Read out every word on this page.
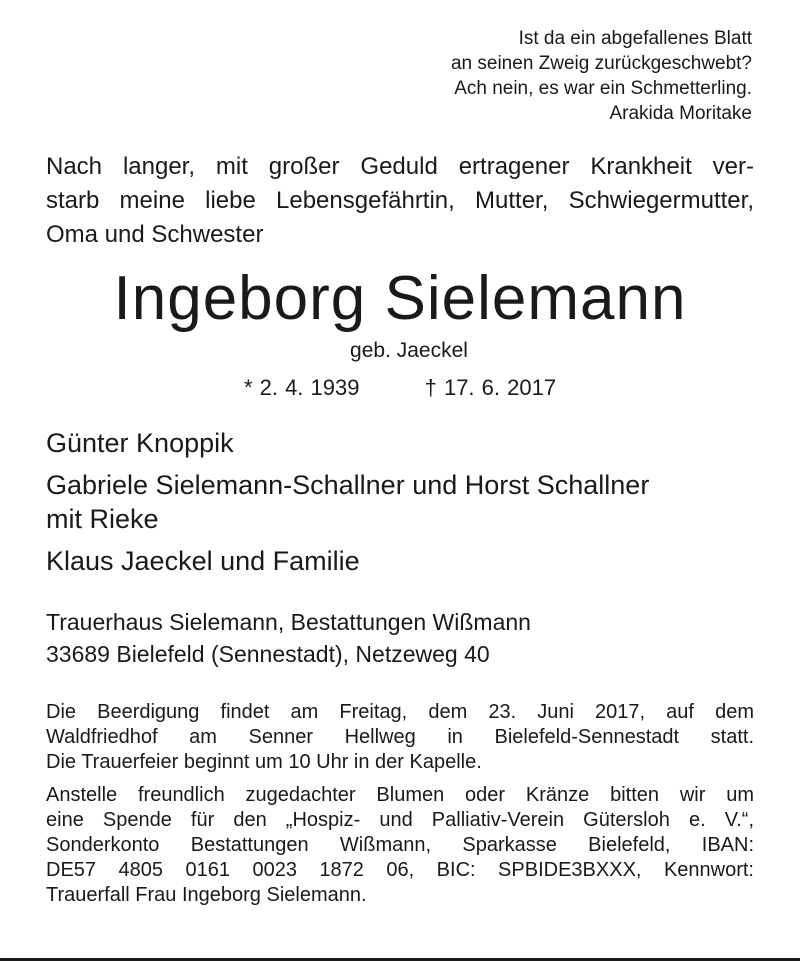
Ist da ein abgefallenes Blatt
an seinen Zweig zurückgeschwebt?
Ach nein, es war ein Schmetterling.
Arakida Moritake
Nach langer, mit großer Geduld ertragener Krankheit ver-
starb meine liebe Lebensgefährtin, Mutter, Schwiegermutter,
Oma und Schwester
Ingeborg Sielemann
geb. Jaeckel
* 2. 4. 1939	† 17. 6. 2017
Günter Knoppik
Gabriele Sielemann-Schallner und Horst Schallner
mit Rieke
Klaus Jaeckel und Familie
Trauerhaus Sielemann, Bestattungen Wißmann
33689 Bielefeld (Sennestadt), Netzeweg 40
Die Beerdigung findet am Freitag, dem 23. Juni 2017, auf dem
Waldfriedhof am Senner Hellweg in Bielefeld-Sennestadt statt.
Die Trauerfeier beginnt um 10 Uhr in der Kapelle.
Anstelle freundlich zugedachter Blumen oder Kränze bitten wir um
eine Spende für den „Hospiz- und Palliativ-Verein Gütersloh e. V.“,
Sonderkonto Bestattungen Wißmann, Sparkasse Bielefeld, IBAN:
DE57 4805 0161 0023 1872 06, BIC: SPBIDE3BXXX, Kennwort:
Trauerfall Frau Ingeborg Sielemann.
